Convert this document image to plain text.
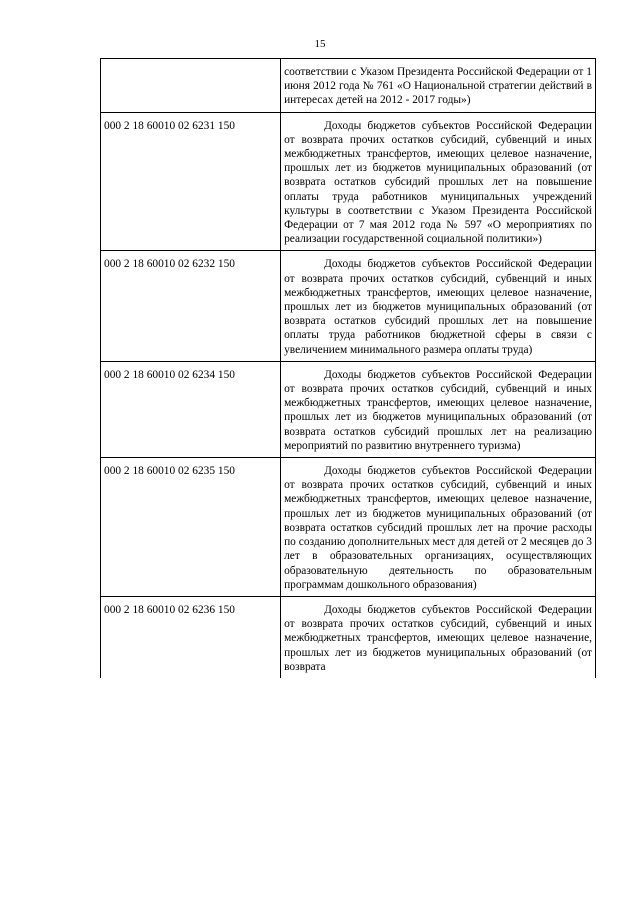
15
	соответствии с Указом Президента Российской Федерации от 1 июня 2012 года № 761 «О Национальной стратегии действий в интересах детей на 2012 - 2017 годы»)
000 2 18 60010 02 6231 150	Доходы бюджетов субъектов Российской Федерации от возврата прочих остатков субсидий, субвенций и иных межбюджетных трансфертов, имеющих целевое назначение, прошлых лет из бюджетов муниципальных образований (от возврата остатков субсидий прошлых лет на повышение оплаты труда работников муниципальных учреждений культуры в соответствии с Указом Президента Российской Федерации от 7 мая 2012 года № 597 «О мероприятиях по реализации государственной социальной политики»)
000 2 18 60010 02 6232 150	Доходы бюджетов субъектов Российской Федерации от возврата прочих остатков субсидий, субвенций и иных межбюджетных трансфертов, имеющих целевое назначение, прошлых лет из бюджетов муниципальных образований (от возврата остатков субсидий прошлых лет на повышение оплаты труда работников бюджетной сферы в связи с увеличением минимального размера оплаты труда)
000 2 18 60010 02 6234 150	Доходы бюджетов субъектов Российской Федерации от возврата прочих остатков субсидий, субвенций и иных межбюджетных трансфертов, имеющих целевое назначение, прошлых лет из бюджетов муниципальных образований (от возврата остатков субсидий прошлых лет на реализацию мероприятий по развитию внутреннего туризма)
000 2 18 60010 02 6235 150	Доходы бюджетов субъектов Российской Федерации от возврата прочих остатков субсидий, субвенций и иных межбюджетных трансфертов, имеющих целевое назначение, прошлых лет из бюджетов муниципальных образований (от возврата остатков субсидий прошлых лет на прочие расходы по созданию дополнительных мест для детей от 2 месяцев до 3 лет в образовательных организациях, осуществляющих образовательную деятельность по образовательным программам дошкольного образования)
000 2 18 60010 02 6236 150	Доходы бюджетов субъектов Российской Федерации от возврата прочих остатков субсидий, субвенций и иных межбюджетных трансфертов, имеющих целевое назначение, прошлых лет из бюджетов муниципальных образований (от возврата
